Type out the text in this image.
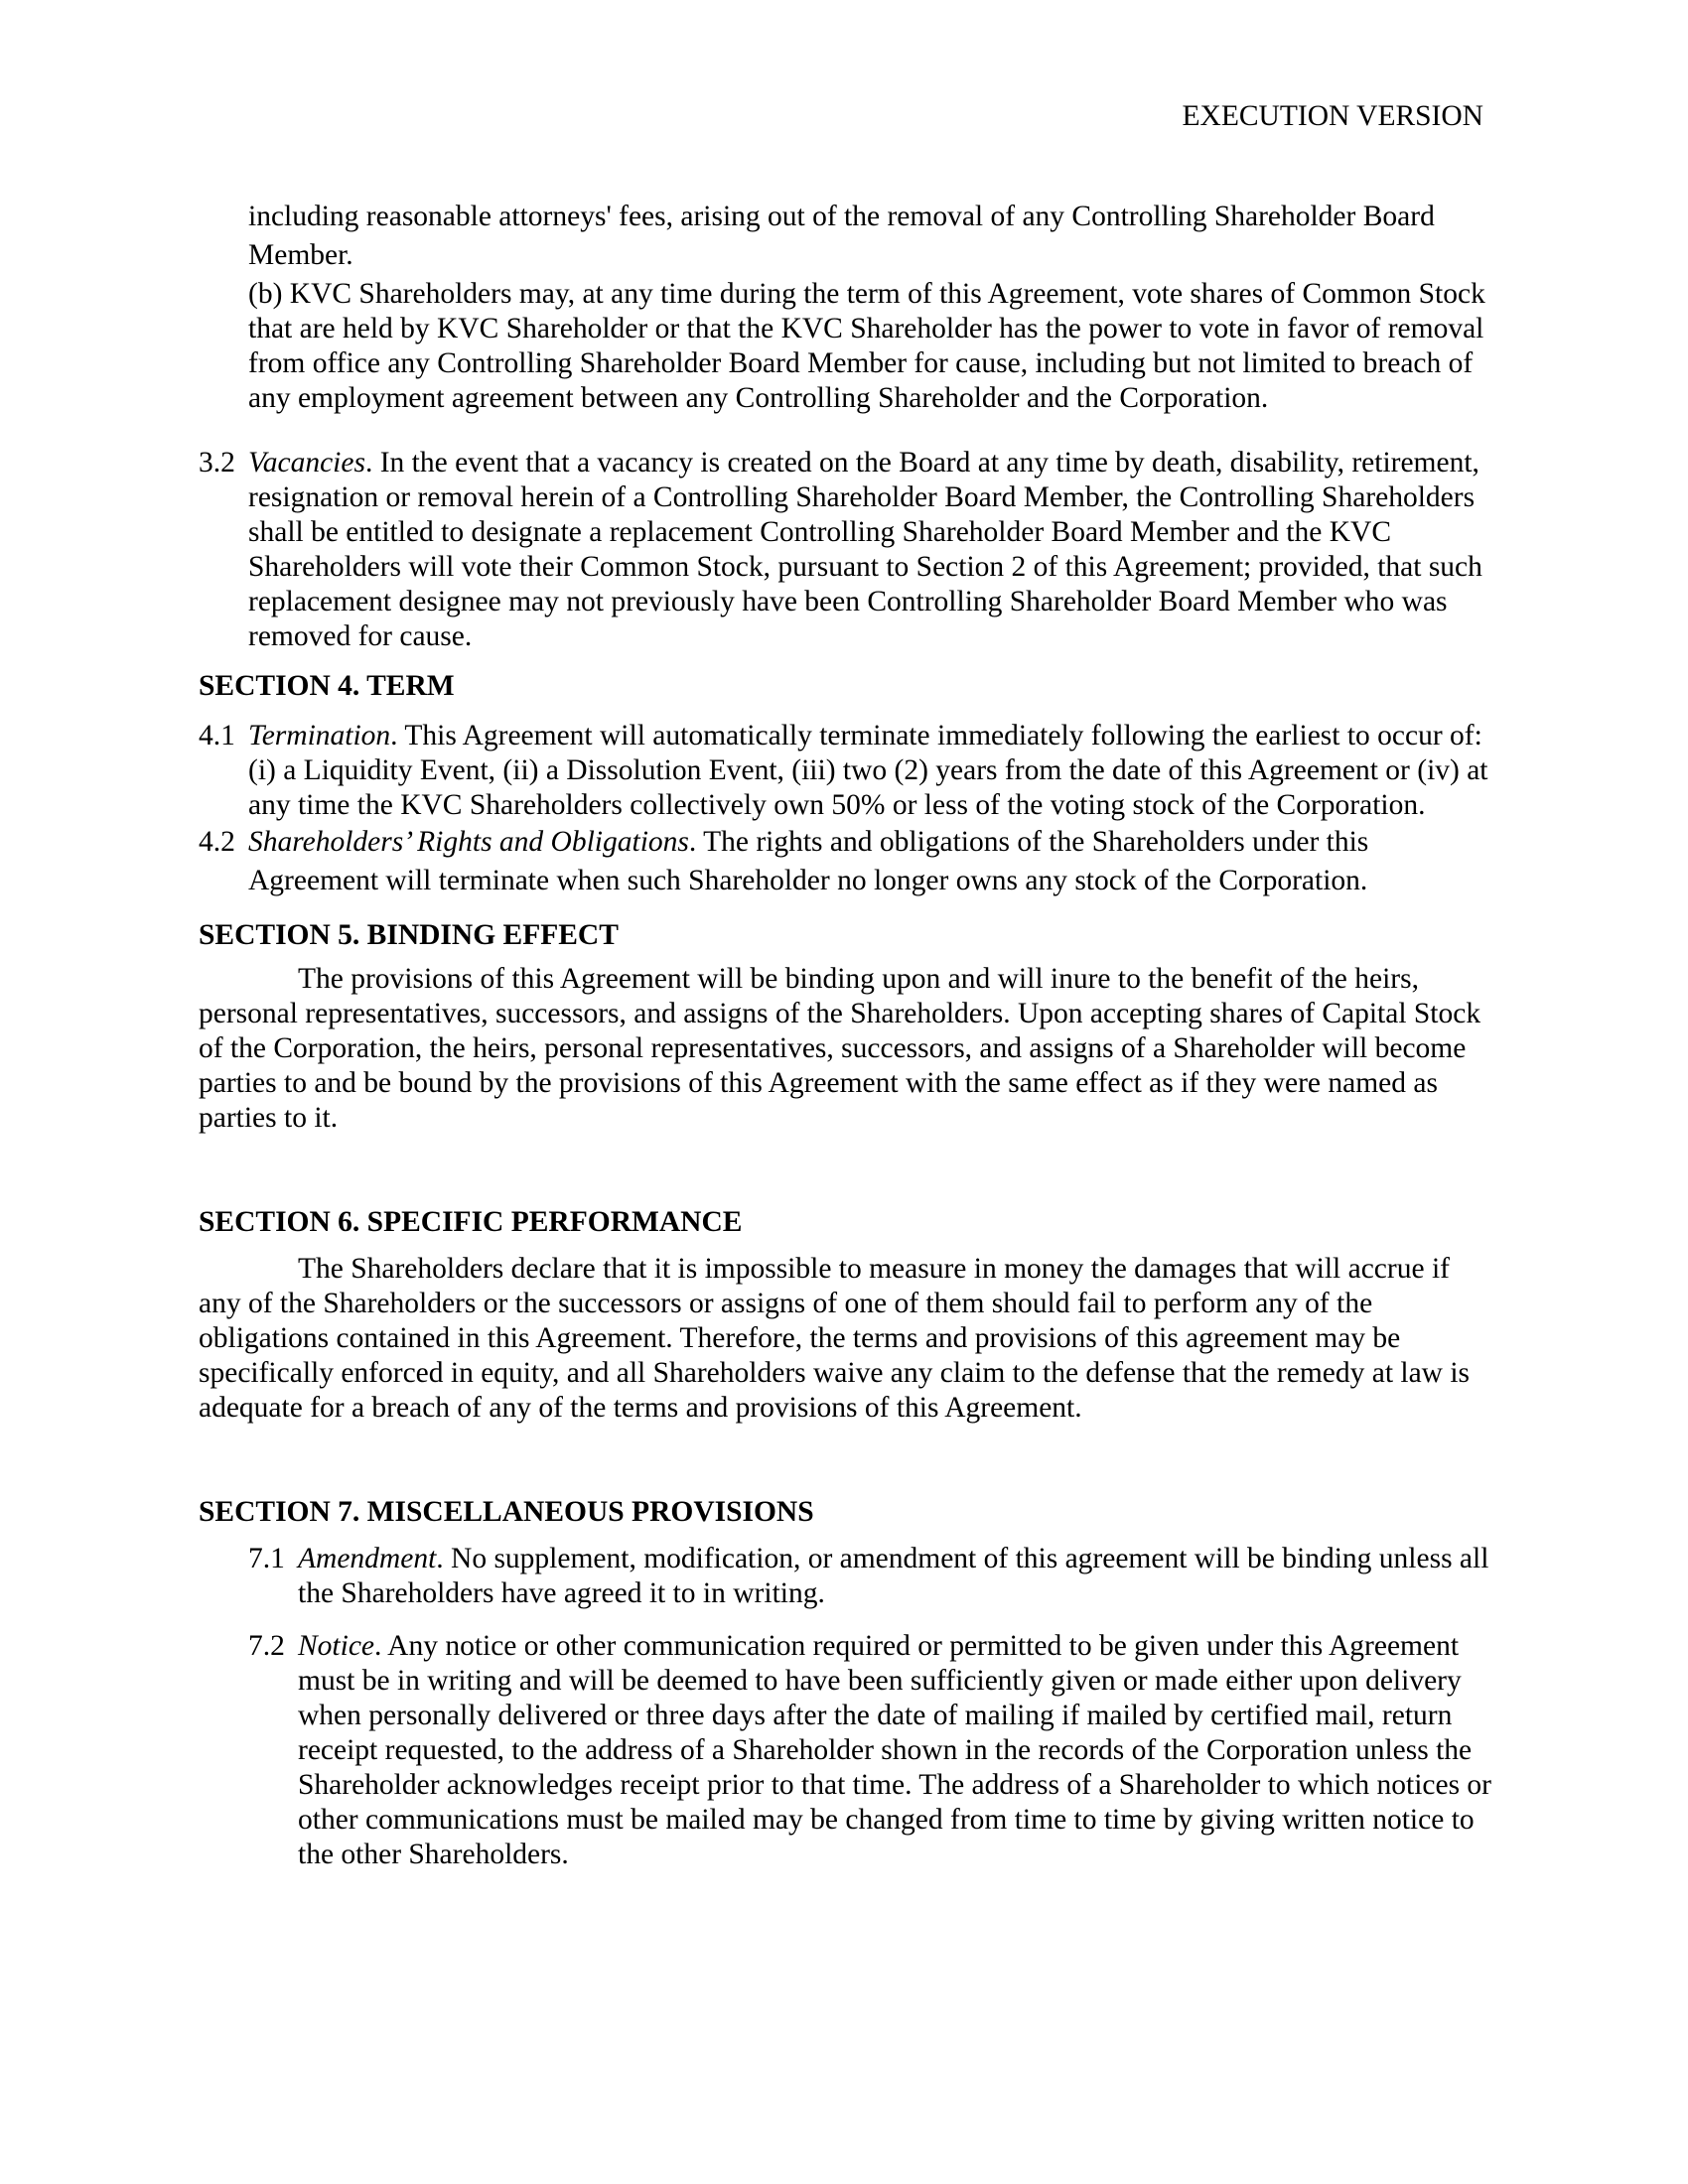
EXECUTION VERSION

including reasonable attorneys' fees, arising out of the removal of any Controlling Shareholder Board

Member.

(b) KVC Shareholders may, at any time during the term of this Agreement, vote shares of Common Stock that are held by KVC Shareholder or that the KVC Shareholder has the power to vote in favor of removal from office any Controlling Shareholder Board Member for cause, including but not limited to breach of any employment agreement between any Controlling Shareholder and the Corporation.

3.2 Vacancies. In the event that a vacancy is created on the Board at any time by death, disability, retirement, resignation or removal herein of a Controlling Shareholder Board Member, the Controlling Shareholders shall be entitled to designate a replacement Controlling Shareholder Board Member and the KVC Shareholders will vote their Common Stock, pursuant to Section 2 of this Agreement; provided, that such replacement designee may not previously have been Controlling Shareholder Board Member who was removed for cause.

SECTION 4. TERM

4.1 Termination. This Agreement will automatically terminate immediately following the earliest to occur of: (i) a Liquidity Event, (ii) a Dissolution Event, (iii) two (2) years from the date of this Agreement or (iv) at any time the KVC Shareholders collectively own 50% or less of the voting stock of the Corporation.
4.2 Shareholders’ Rights and Obligations. The rights and obligations of the Shareholders under this Agreement will terminate when such Shareholder no longer owns any stock of the Corporation.

SECTION 5. BINDING EFFECT

The provisions of this Agreement will be binding upon and will inure to the benefit of the heirs, personal representatives, successors, and assigns of the Shareholders. Upon accepting shares of Capital Stock of the Corporation, the heirs, personal representatives, successors, and assigns of a Shareholder will become parties to and be bound by the provisions of this Agreement with the same effect as if they were named as parties to it.

SECTION 6. SPECIFIC PERFORMANCE

The Shareholders declare that it is impossible to measure in money the damages that will accrue if any of the Shareholders or the successors or assigns of one of them should fail to perform any of the obligations contained in this Agreement. Therefore, the terms and provisions of this agreement may be specifically enforced in equity, and all Shareholders waive any claim to the defense that the remedy at law is adequate for a breach of any of the terms and provisions of this Agreement.

SECTION 7. MISCELLANEOUS PROVISIONS

7.1 Amendment. No supplement, modification, or amendment of this agreement will be binding unless all the Shareholders have agreed it to in writing.
7.2 Notice. Any notice or other communication required or permitted to be given under this Agreement must be in writing and will be deemed to have been sufficiently given or made either upon delivery when personally delivered or three days after the date of mailing if mailed by certified mail, return receipt requested, to the address of a Shareholder shown in the records of the Corporation unless the Shareholder acknowledges receipt prior to that time. The address of a Shareholder to which notices or other communications must be mailed may be changed from time to time by giving written notice to the other Shareholders.
